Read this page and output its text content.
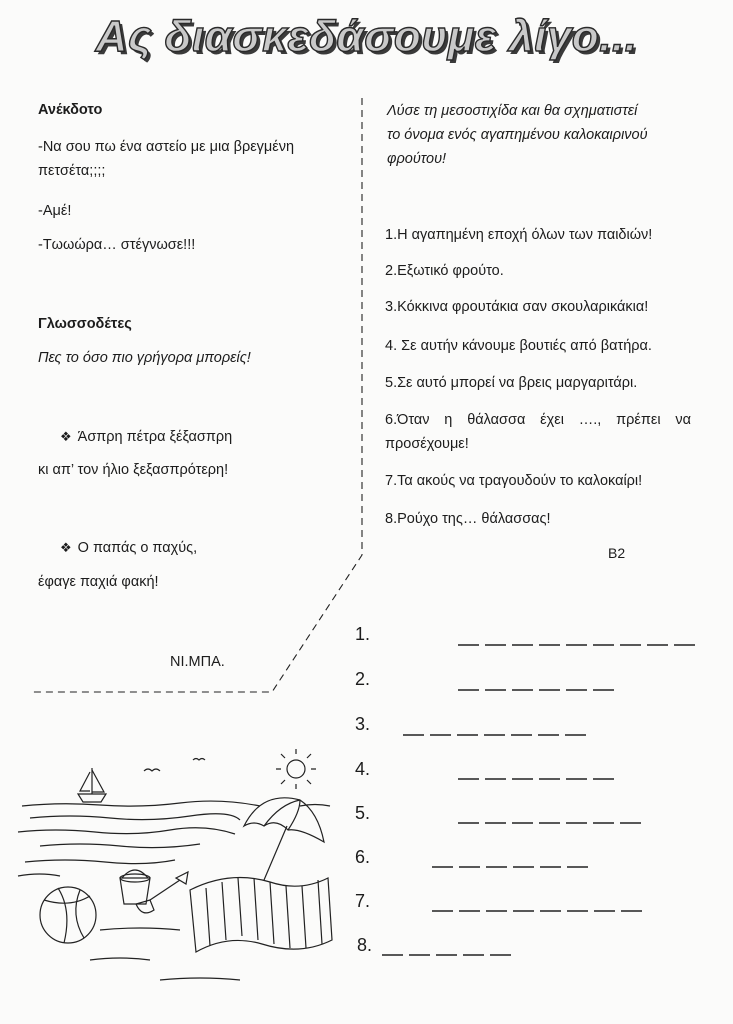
Ας διασκεδάσουμε λίγο...
Ανέκδοτο
-Να σου πω ένα αστείο με μια βρεγμένη
πετσέτα;;;;
-Αμέ!
-Τωωώρα… στέγνωσε!!!
Γλωσσοδέτες
Πες το όσο πιο γρήγορα μπορείς!
❖ Άσπρη πέτρα ξέξασπρη
κι απ’ τον ήλιο ξεξασπρότερη!
❖ Ο παπάς ο παχύς,
έφαγε παχιά φακή!
ΝΙ.ΜΠΑ.
Λύσε τη μεσοστιχίδα και θα σχηματιστεί
το όνομα ενός αγαπημένου καλοκαιρινού
φρούτου!
1.Η αγαπημένη εποχή όλων των παιδιών!
2.Εξωτικό φρούτο.
3.Κόκκινα φρουτάκια σαν σκουλαρικάκια!
4. Σε αυτήν κάνουμε βουτιές από βατήρα.
5.Σε αυτό μπορεί να βρεις μαργαριτάρι.
6.Όταν η θάλασσα έχει …., πρέπει να
προσέχουμε!
7.Τα ακούς να τραγουδούν το καλοκαίρι!
8.Ρούχο της… θάλασσας!
Β2
1.
2.
3.
4.
5.
6.
7.
8.
